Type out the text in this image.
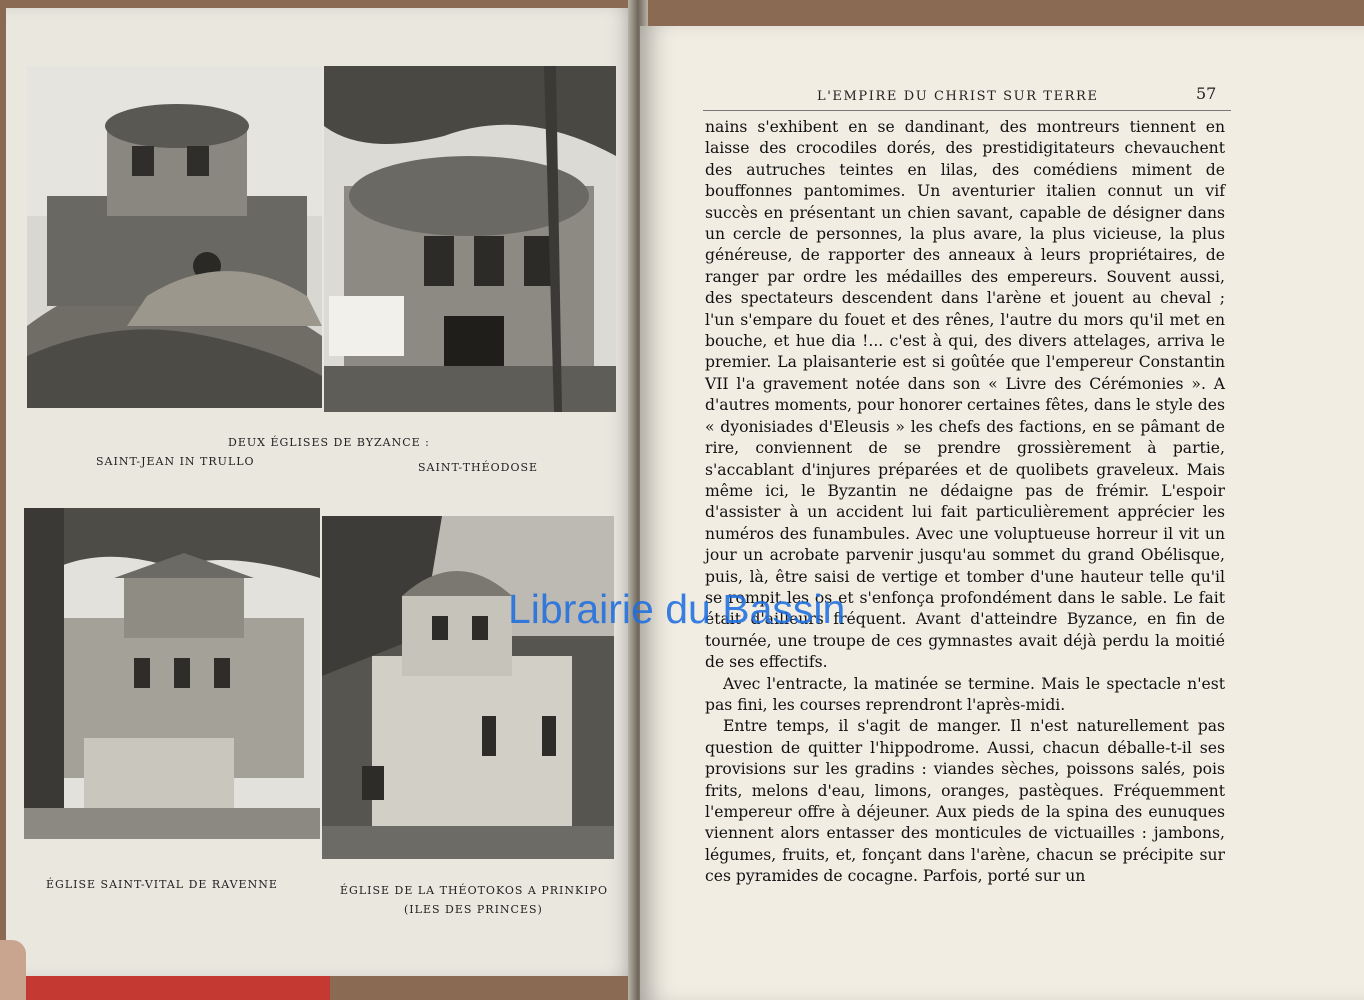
DEUX ÉGLISES DE BYZANCE :
SAINT-JEAN IN TRULLO	SAINT-THÉODOSE
ÉGLISE SAINT-VITAL DE RAVENNE	ÉGLISE DE LA THÉOTOKOS A PRINKIPO
(ILES DES PRINCES)
L'EMPIRE DU CHRIST SUR TERRE	57

nains s'exhibent en se dandinant, des montreurs tiennent en laisse des crocodiles dorés, des prestidigitateurs chevauchent des autruches teintes en lilas, des comédiens miment de bouffonnes pantomimes. Un aventurier italien connut un vif succès en présentant un chien savant, capable de désigner dans un cercle de personnes, la plus avare, la plus vicieuse, la plus généreuse, de rapporter des anneaux à leurs propriétaires, de ranger par ordre les médailles des empereurs. Souvent aussi, des spectateurs descendent dans l'arène et jouent au cheval ; l'un s'empare du fouet et des rênes, l'autre du mors qu'il met en bouche, et hue dia !... c'est à qui, des divers attelages, arriva le premier. La plaisanterie est si goûtée que l'empereur Constantin VII l'a gravement notée dans son « Livre des Cérémonies ». A d'autres moments, pour honorer certaines fêtes, dans le style des « dyonisiades d'Eleusis » les chefs des factions, en se pâmant de rire, conviennent de se prendre grossièrement à partie, s'accablant d'injures préparées et de quolibets graveleux. Mais même ici, le Byzantin ne dédaigne pas de frémir. L'espoir d'assister à un accident lui fait particulièrement apprécier les numéros des funambules. Avec une voluptueuse horreur il vit un jour un acrobate parvenir jusqu'au sommet du grand Obélisque, puis, là, être saisi de vertige et tomber d'une hauteur telle qu'il se rompit les os et s'enfonça profondément dans le sable. Le fait était d'ailleurs fréquent. Avant d'atteindre Byzance, en fin de tournée, une troupe de ces gymnastes avait déjà perdu la moitié de ses effectifs.

Avec l'entracte, la matinée se termine. Mais le spectacle n'est pas fini, les courses reprendront l'après-midi.

Entre temps, il s'agit de manger. Il n'est naturellement pas question de quitter l'hippodrome. Aussi, chacun déballe-t-il ses provisions sur les gradins : viandes sèches, poissons salés, pois frits, melons d'eau, limons, oranges, pastèques. Fréquemment l'empereur offre à déjeuner. Aux pieds de la spina des eunuques viennent alors entasser des monticules de victuailles : jambons, légumes, fruits, et, fonçant dans l'arène, chacun se précipite sur ces pyramides de cocagne. Parfois, porté sur un

Librairie du Bassin
